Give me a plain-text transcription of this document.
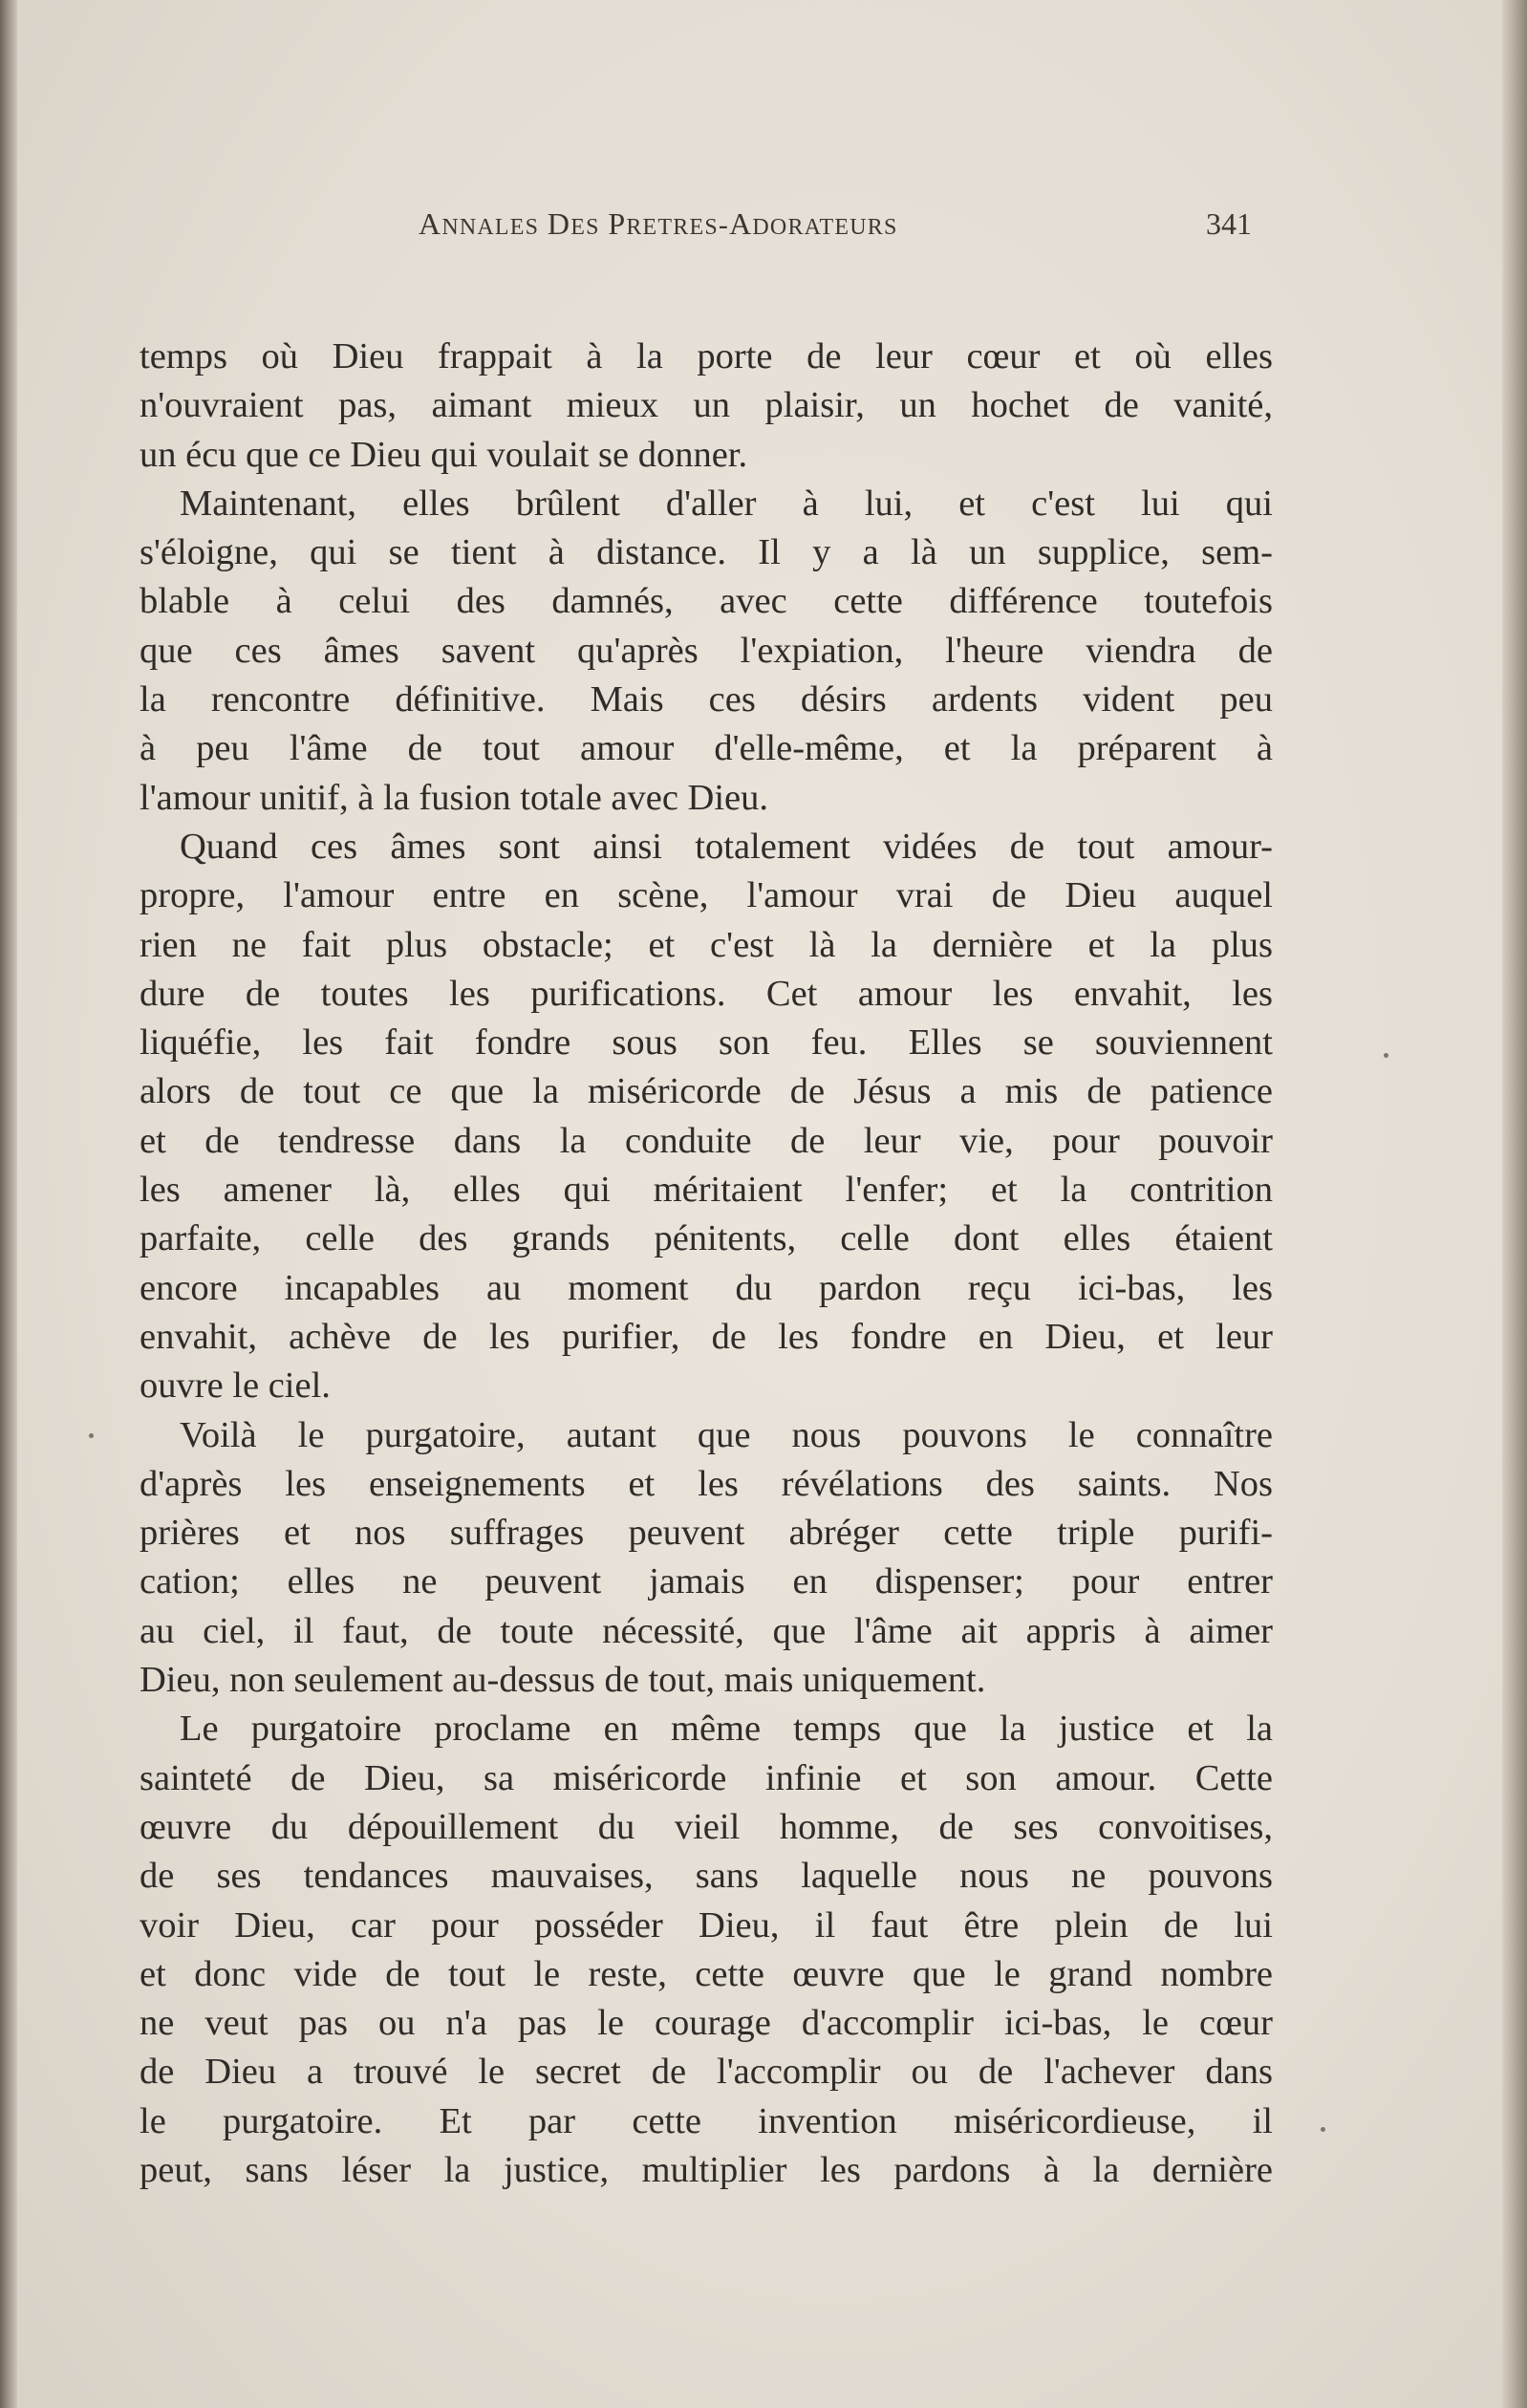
ANNALES DES PRETRES-ADORATEURS	341
temps où Dieu frappait à la porte de leur cœur et où elles
n'ouvraient pas, aimant mieux un plaisir, un hochet de vanité,
un écu que ce Dieu qui voulait se donner.
Maintenant, elles brûlent d'aller à lui, et c'est lui qui
s'éloigne, qui se tient à distance. Il y a là un supplice, sem-
blable à celui des damnés, avec cette différence toutefois
que ces âmes savent qu'après l'expiation, l'heure viendra de
la rencontre définitive. Mais ces désirs ardents vident peu
à peu l'âme de tout amour d'elle-même, et la préparent à
l'amour unitif, à la fusion totale avec Dieu.
Quand ces âmes sont ainsi totalement vidées de tout amour-
propre, l'amour entre en scène, l'amour vrai de Dieu auquel
rien ne fait plus obstacle; et c'est là la dernière et la plus
dure de toutes les purifications. Cet amour les envahit, les
liquéfie, les fait fondre sous son feu. Elles se souviennent
alors de tout ce que la miséricorde de Jésus a mis de patience
et de tendresse dans la conduite de leur vie, pour pouvoir
les amener là, elles qui méritaient l'enfer; et la contrition
parfaite, celle des grands pénitents, celle dont elles étaient
encore incapables au moment du pardon reçu ici-bas, les
envahit, achève de les purifier, de les fondre en Dieu, et leur
ouvre le ciel.
Voilà le purgatoire, autant que nous pouvons le connaître
d'après les enseignements et les révélations des saints. Nos
prières et nos suffrages peuvent abréger cette triple purifi-
cation; elles ne peuvent jamais en dispenser; pour entrer
au ciel, il faut, de toute nécessité, que l'âme ait appris à aimer
Dieu, non seulement au-dessus de tout, mais uniquement.
Le purgatoire proclame en même temps que la justice et la
sainteté de Dieu, sa miséricorde infinie et son amour. Cette
œuvre du dépouillement du vieil homme, de ses convoitises,
de ses tendances mauvaises, sans laquelle nous ne pouvons
voir Dieu, car pour posséder Dieu, il faut être plein de lui
et donc vide de tout le reste, cette œuvre que le grand nombre
ne veut pas ou n'a pas le courage d'accomplir ici-bas, le cœur
de Dieu a trouvé le secret de l'accomplir ou de l'achever dans
le purgatoire. Et par cette invention miséricordieuse, il
peut, sans léser la justice, multiplier les pardons à la dernière
